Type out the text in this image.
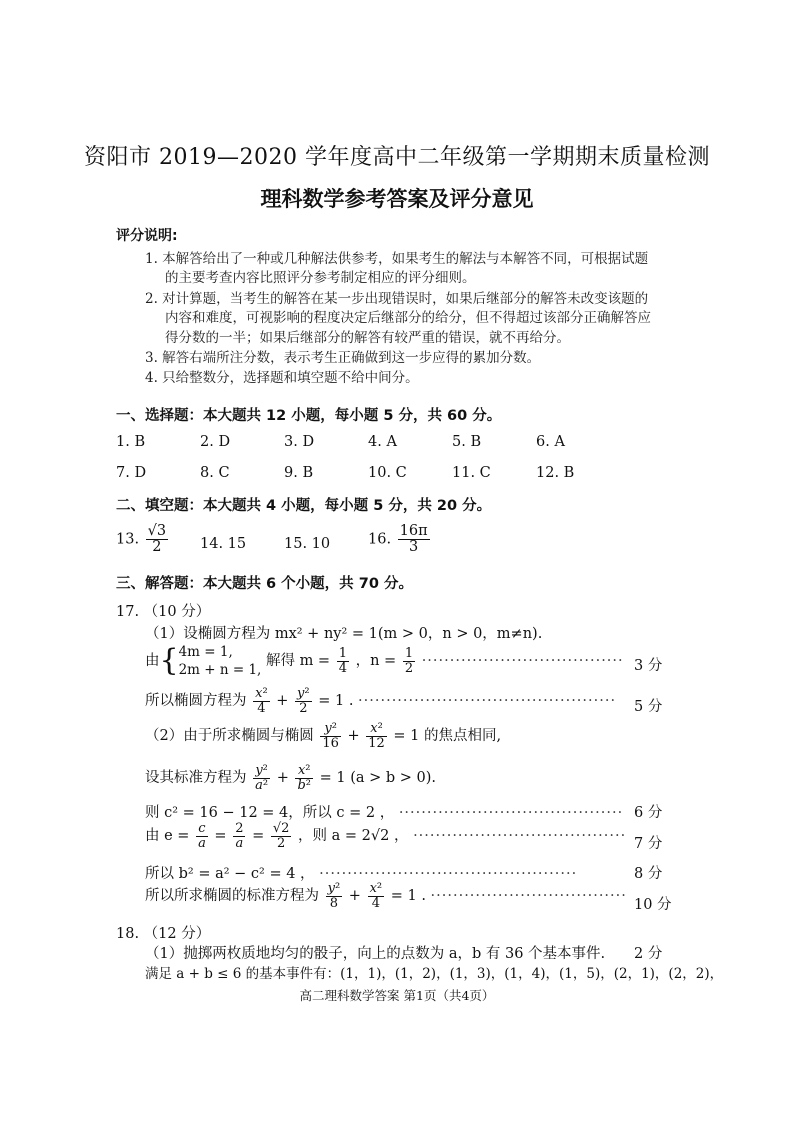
资阳市 2019—2020 学年度高中二年级第一学期期末质量检测
理科数学参考答案及评分意见
评分说明:
1. 本解答给出了一种或几种解法供参考，如果考生的解法与本解答不同，可根据试题
的主要考查内容比照评分参考制定相应的评分细则。
2. 对计算题，当考生的解答在某一步出现错误时，如果后继部分的解答未改变该题的
内容和难度，可视影响的程度决定后继部分的给分，但不得超过该部分正确解答应
得分数的一半；如果后继部分的解答有较严重的错误，就不再给分。
3. 解答右端所注分数，表示考生正确做到这一步应得的累加分数。
4. 只给整数分，选择题和填空题不给中间分。
一、选择题：本大题共 12 小题，每小题 5 分，共 60 分。
1. B	2. D	3. D	4. A	5. B	6. A
7. D	8. C	9. B	10. C	11. C	12. B
二、填空题：本大题共 4 小题，每小题 5 分，共 20 分。
13. $\frac{√3}{2} 14$. 15	15. 10	16. $\frac{16\pi}{3}$
三、解答题：本大题共 6 个小题，共 70 分。
17. （10 分）
（1）设椭圆方程为 mx² + ny² = 1(m > 0，n > 0，m≠n).
由{4m = 1,
2m + n = 1, 解得 $m = \frac{1}{4}$ ，$n = \frac{1}{2}$ ···································· 3 分
所以椭圆方程为 $\frac{\text{x²}}{4} + \frac{\text{y²}}{2} = 1$ . ·············································· 5 分
（2）由于所求椭圆与椭圆 $\frac{\text{y²}}{16} + \frac{\text{x²}}{12} = 1$ 的焦点相同,
设其标准方程为 $\frac{\text{y²}}{\text{a²}} + \frac{\text{x²}}{\text{b²}} = 1$ (a > b > 0).
则 c² = 16 − 12 = 4，所以 c = 2 ， ········································ 6 分
由 $e = \frac{c}{a} = \frac{2}{a} = \frac{√2}{2}$ ，则 a = 2√2 ， ······································ 7 分
所以 b² = a² − c² = 4 ， ··············································	8 分
所以所求椭圆的标准方程为 $\frac{\text{y²}}{8} + \frac{\text{x²}}{4} = 1$ . ···································
10 分
18. （12 分）
（1）抛掷两枚质地均匀的骰子，向上的点数为 a，b 有 36 个基本事件. 2 分
满足 a + b ≤ 6 的基本事件有：(1，1)，(1，2)，(1，3)，(1，4)，(1，5)，(2，1)，(2，2)，
高二理科数学答案 第1页（共4页）
